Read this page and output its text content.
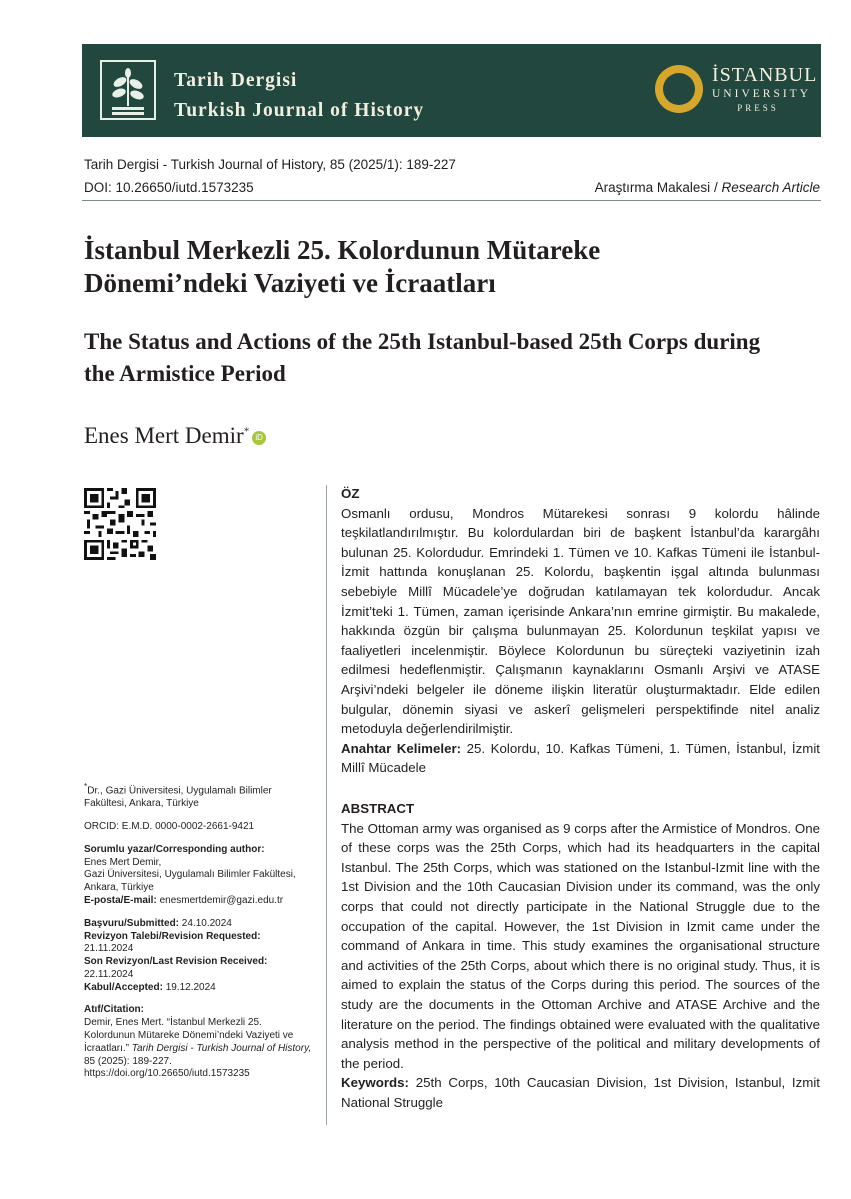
Tarih Dergisi
Turkish Journal of History
İSTANBUL
UNIVERSITY
PRESS
Tarih Dergisi - Turkish Journal of History, 85 (2025/1): 189-227
DOI: 10.26650/iutd.1573235	Araştırma Makalesi / Research Article
İstanbul Merkezli 25. Kolordunun Mütareke
Dönemi’ndeki Vaziyeti ve İcraatları
The Status and Actions of the 25th Istanbul-based 25th Corps during
the Armistice Period
Enes Mert Demir* iD

*Dr., Gazi Üniversitesi, Uygulamalı Bilimler Fakültesi, Ankara, Türkiye

ORCID: E.M.D. 0000-0002-2661-9421

Sorumlu yazar/Corresponding author:

Enes Mert Demir,

Gazi Üniversitesi, Uygulamalı Bilimler Fakültesi, Ankara, Türkiye

E-posta/E-mail: enesmertdemir@gazi.edu.tr

Başvuru/Submitted: 24.10.2024

Revizyon Talebi/Revision Requested:

21.11.2024

Son Revizyon/Last Revision Received:

22.11.2024

Kabul/Accepted: 19.12.2024

Atıf/Citation:

Demir, Enes Mert. “İstanbul Merkezli 25. Kolordunun Mütareke Dönemi’ndeki Vaziyeti ve İcraatları.” Tarih Dergisi - Turkish Journal of History, 85 (2025): 189-227.

https://doi.org/10.26650/iutd.1573235

ÖZ

Osmanlı ordusu, Mondros Mütarekesi sonrası 9 kolordu hâlinde teşkilatlandırılmıştır. Bu kolordulardan biri de başkent İstanbul’da karargâhı bulunan 25. Kolordudur. Emrindeki 1. Tümen ve 10. Kafkas Tümeni ile İstanbul-İzmit hattında konuşlanan 25. Kolordu, başkentin işgal altında bulunması sebebiyle Millî Mücadele’ye doğrudan katılamayan tek kolordudur. Ancak İzmit’teki 1. Tümen, zaman içerisinde Ankara’nın emrine girmiştir. Bu makalede, hakkında özgün bir çalışma bulunmayan 25. Kolordunun teşkilat yapısı ve faaliyetleri incelenmiştir. Böylece Kolordunun bu süreçteki vaziyetinin izah edilmesi hedeflenmiştir. Çalışmanın kaynaklarını Osmanlı Arşivi ve ATASE Arşivi’ndeki belgeler ile döneme ilişkin literatür oluşturmaktadır. Elde edilen bulgular, dönemin siyasi ve askerî gelişmeleri perspektifinde nitel analiz metoduyla değerlendirilmiştir.

Anahtar Kelimeler: 25. Kolordu, 10. Kafkas Tümeni, 1. Tümen, İstanbul, İzmit Millî Mücadele

ABSTRACT

The Ottoman army was organised as 9 corps after the Armistice of Mondros. One of these corps was the 25th Corps, which had its headquarters in the capital Istanbul. The 25th Corps, which was stationed on the Istanbul-Izmit line with the 1st Division and the 10th Caucasian Division under its command, was the only corps that could not directly participate in the National Struggle due to the occupation of the capital. However, the 1st Division in Izmit came under the command of Ankara in time. This study examines the organisational structure and activities of the 25th Corps, about which there is no original study. Thus, it is aimed to explain the status of the Corps during this period. The sources of the study are the documents in the Ottoman Archive and ATASE Archive and the literature on the period. The findings obtained were evaluated with the qualitative analysis method in the perspective of the political and military developments of the period.

Keywords: 25th Corps, 10th Caucasian Division, 1st Division, Istanbul, Izmit National Struggle
